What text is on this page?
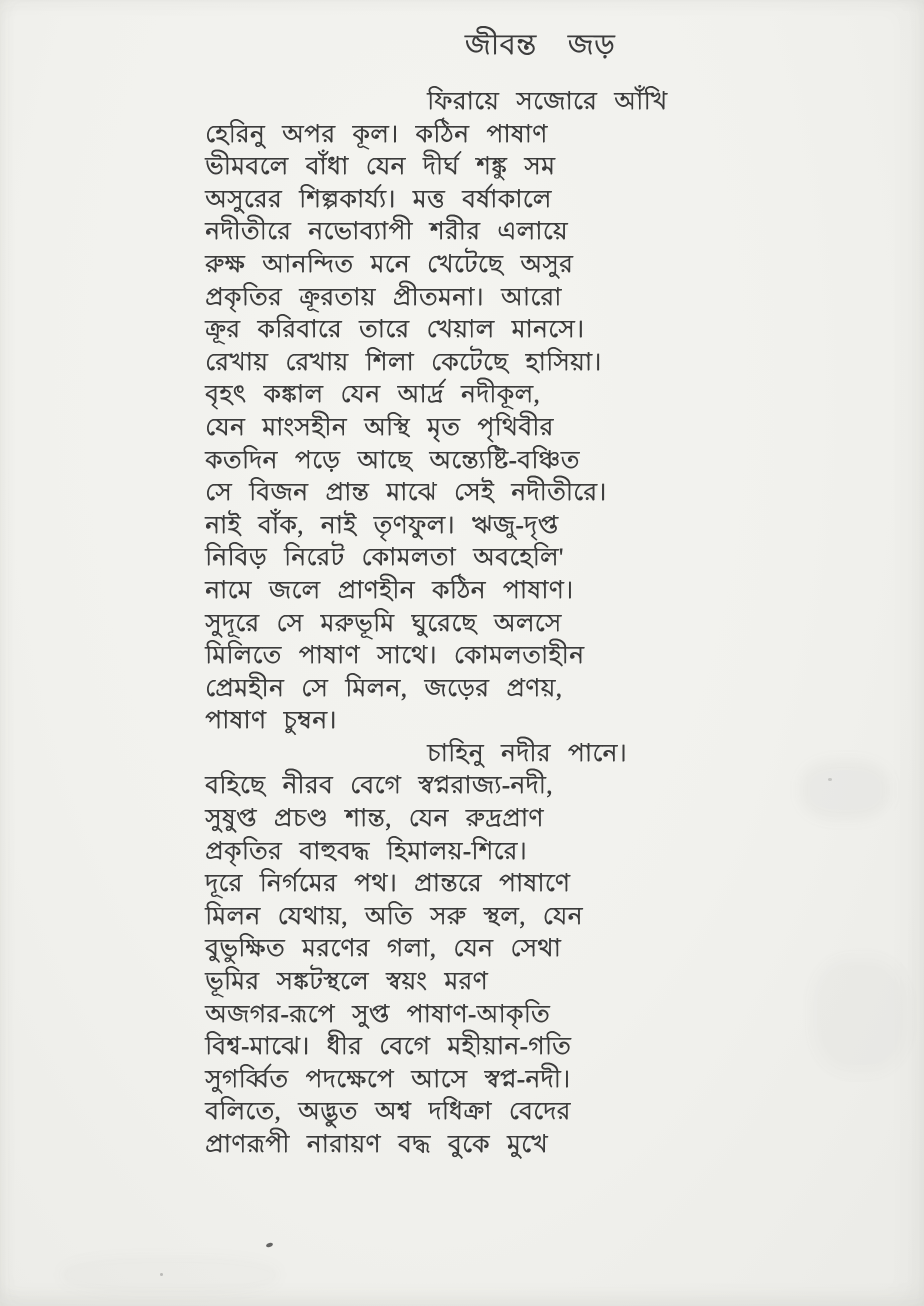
জীবন্ত জড়
ফিরায়ে সজোরে আঁখি
হেরিনু অপর কূল। কঠিন পাষাণ
ভীমবলে বাঁধা যেন দীর্ঘ শঙ্কু সম
অসুরের শিল্পকার্য্য। মত্ত বর্ষাকালে
নদীতীরে নভোব্যাপী শরীর এলায়ে
রুক্ষ আনন্দিত মনে খেটেছে অসুর
প্রকৃতির ক্রূরতায় প্রীতমনা। আরো
ক্রূর করিবারে তারে খেয়াল মানসে।
রেখায় রেখায় শিলা কেটেছে হাসিয়া।
বৃহৎ কঙ্কাল যেন আর্দ্র নদীকূল,
যেন মাংসহীন অস্থি মৃত পৃথিবীর
কতদিন পড়ে আছে অন্ত্যেষ্টি-বঞ্চিত
সে বিজন প্রান্ত মাঝে সেই নদীতীরে।
নাই বাঁক, নাই তৃণফুল। ঋজু-দৃপ্ত
নিবিড় নিরেট কোমলতা অবহেলি'
নামে জলে প্রাণহীন কঠিন পাষাণ।
সুদূরে সে মরুভূমি ঘুরেছে অলসে
মিলিতে পাষাণ সাথে। কোমলতাহীন
প্রেমহীন সে মিলন, জড়ের প্রণয়,
পাষাণ চুম্বন।
চাহিনু নদীর পানে।
বহিছে নীরব বেগে স্বপ্নরাজ্য-নদী,
সুষুপ্ত প্রচণ্ড শান্ত, যেন রুদ্রপ্রাণ
প্রকৃতির বাহুবদ্ধ হিমালয়-শিরে।
দূরে নির্গমের পথ। প্রান্তরে পাষাণে
মিলন যেথায়, অতি সরু স্থল, যেন
বুভুক্ষিত মরণের গলা, যেন সেথা
ভূমির সঙ্কটস্থলে স্বয়ং মরণ
অজগর-রূপে সুপ্ত পাষাণ-আকৃতি
বিশ্ব-মাঝে। ধীর বেগে মহীয়ান-গতি
সুগর্ব্বিত পদক্ষেপে আসে স্বপ্ন-নদী।
বলিতে, অদ্ভুত অশ্ব দধিক্রা বেদের
প্রাণরূপী নারায়ণ বদ্ধ বুকে মুখে
